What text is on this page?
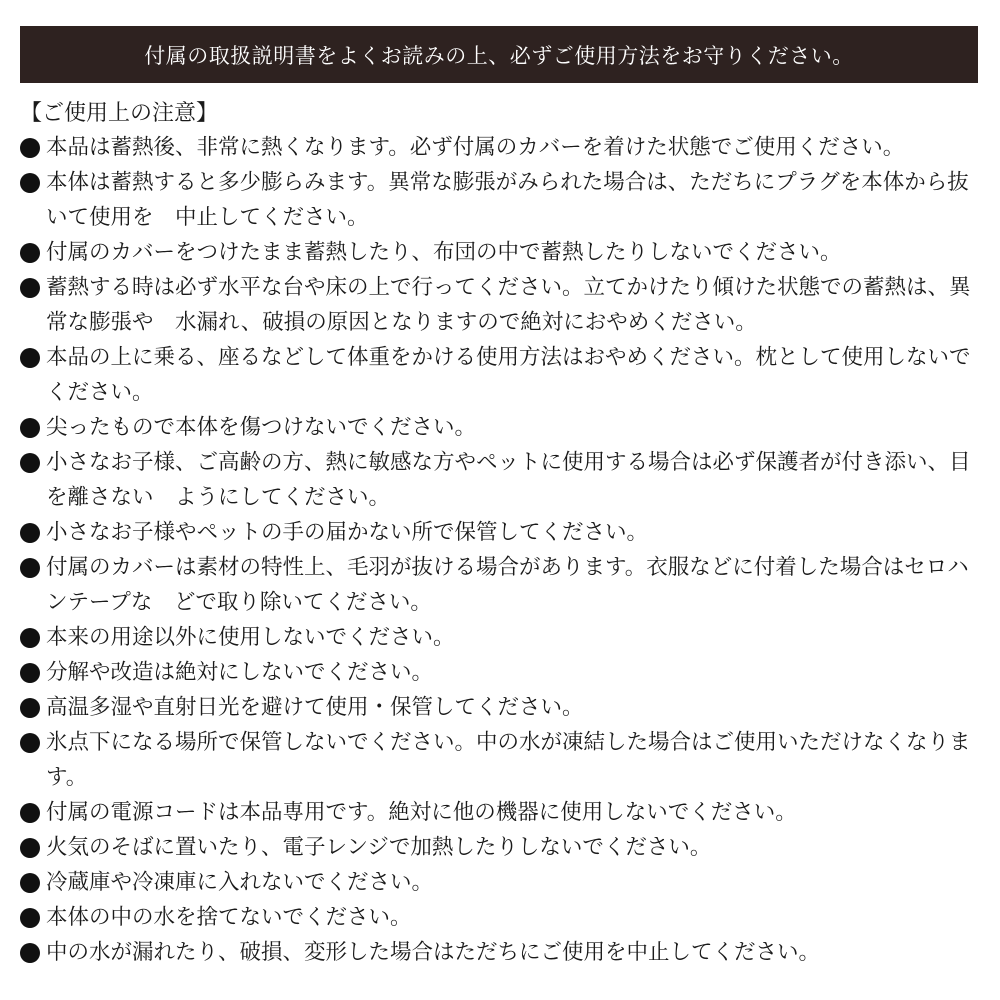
付属の取扱説明書をよくお読みの上、必ずご使用方法をお守りください。
【ご使用上の注意】
本品は蓄熱後、非常に熱くなります。必ず付属のカバーを着けた状態でご使用ください。
本体は蓄熱すると多少膨らみます。異常な膨張がみられた場合は、ただちにプラグを本体から抜いて使用を　中止してください。
付属のカバーをつけたまま蓄熱したり、布団の中で蓄熱したりしないでください。
蓄熱する時は必ず水平な台や床の上で行ってください。立てかけたり傾けた状態での蓄熱は、異常な膨張や　水漏れ、破損の原因となりますので絶対におやめください。
本品の上に乗る、座るなどして体重をかける使用方法はおやめください。枕として使用しないでください。
尖ったもので本体を傷つけないでください。
小さなお子様、ご高齢の方、熱に敏感な方やペットに使用する場合は必ず保護者が付き添い、目を離さない　ようにしてください。
小さなお子様やペットの手の届かない所で保管してください。
付属のカバーは素材の特性上、毛羽が抜ける場合があります。衣服などに付着した場合はセロハンテープな　どで取り除いてください。
本来の用途以外に使用しないでください。
分解や改造は絶対にしないでください。
高温多湿や直射日光を避けて使用・保管してください。
氷点下になる場所で保管しないでください。中の水が凍結した場合はご使用いただけなくなります。
付属の電源コードは本品専用です。絶対に他の機器に使用しないでください。
火気のそばに置いたり、電子レンジで加熱したりしないでください。
冷蔵庫や冷凍庫に入れないでください。
本体の中の水を捨てないでください。
中の水が漏れたり、破損、変形した場合はただちにご使用を中止してください。
